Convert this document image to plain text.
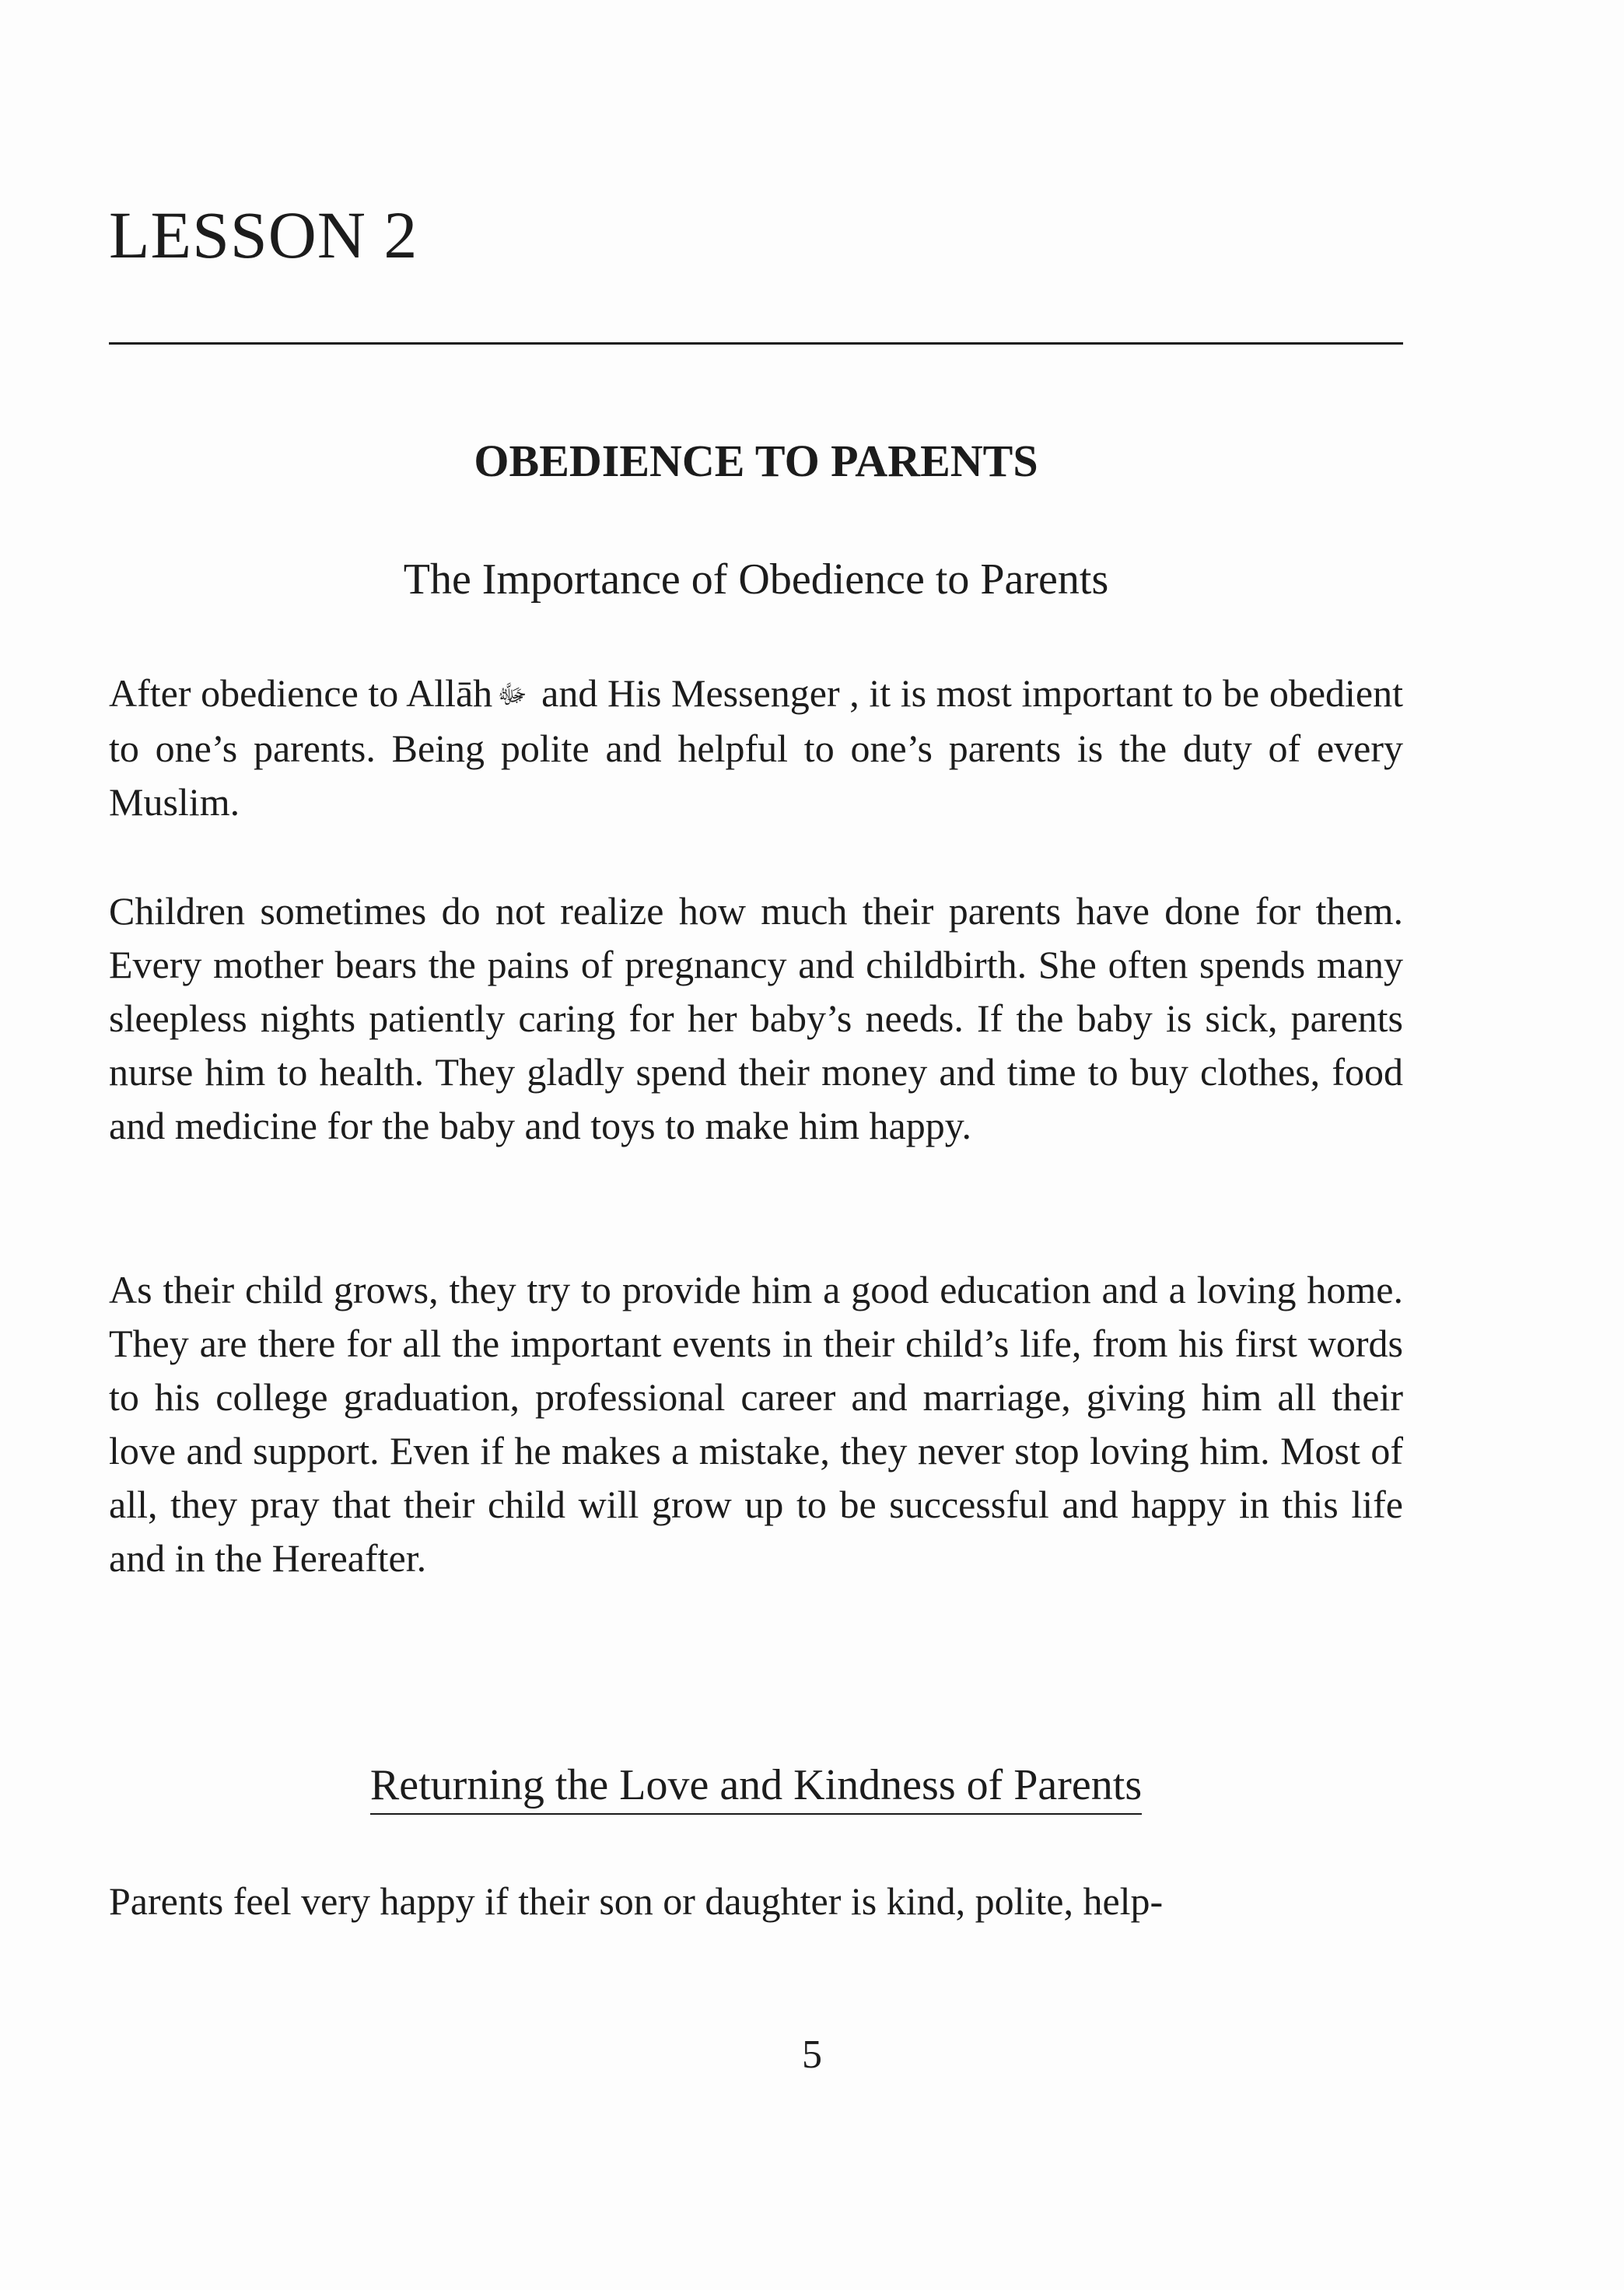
LESSON 2
OBEDIENCE TO PARENTS
The Importance of Obedience to Parents

After obedience to Allāh ﷻ and His Messenger , it is most important to be obedient to one’s parents. Being polite and helpful to one’s parents is the duty of every Muslim.

Children sometimes do not realize how much their parents have done for them. Every mother bears the pains of pregnancy and childbirth. She often spends many sleepless nights patiently caring for her baby’s needs. If the baby is sick, parents nurse him to health. They gladly spend their money and time to buy clothes, food and medicine for the baby and toys to make him happy.

As their child grows, they try to provide him a good education and a loving home. They are there for all the important events in their child’s life, from his first words to his college graduation, professional career and marriage, giving him all their love and support. Even if he makes a mistake, they never stop loving him. Most of all, they pray that their child will grow up to be successful and happy in this life and in the Hereafter.

Returning the Love and Kindness of Parents

Parents feel very happy if their son or daughter is kind, polite, help-

5
